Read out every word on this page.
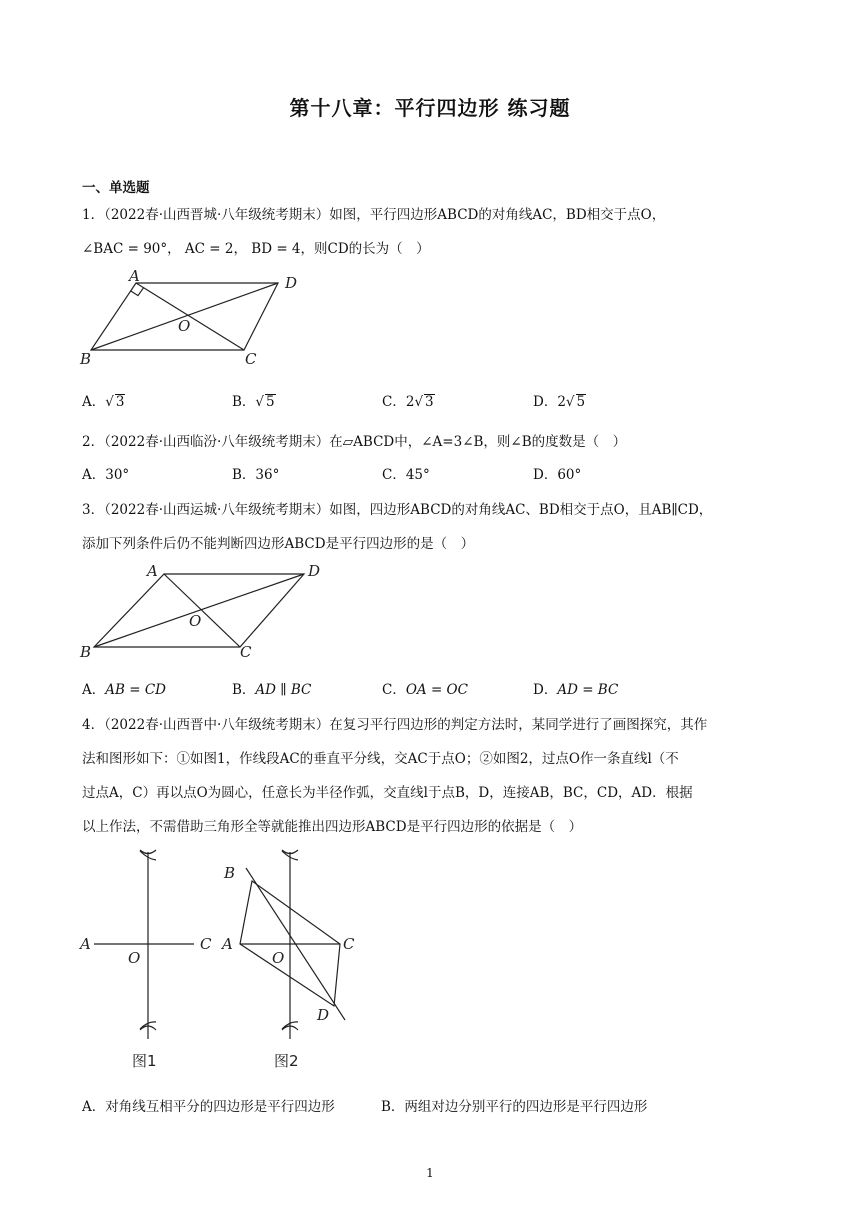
第十八章：平行四边形 练习题
一、单选题
1．（2022春·山西晋城·八年级统考期末）如图，平行四边形ABCD的对角线AC，BD相交于点O，
∠BAC = 90°， AC = 2， BD = 4，则CD的长为（　）
A	D
B	C
O
A．√ 3	B．√ 5	C．2√ 3	D．2√ 5
2．（2022春·山西临汾·八年级统考期末）在▱ABCD中，∠A=3∠B，则∠B的度数是（　）
A．30°	B．36°	C．45°	D．60°
3．（2022春·山西运城·八年级统考期末）如图，四边形ABCD的对角线AC、BD相交于点O，且AB∥CD，
添加下列条件后仍不能判断四边形ABCD是平行四边形的是（　）
A	D
B	C
O
A．AB = CD	B．AD ∥ BC	C．OA = OC	D．AD = BC
4．（2022春·山西晋中·八年级统考期末）在复习平行四边形的判定方法时，某同学进行了画图探究，其作
法和图形如下：①如图1，作线段AC的垂直平分线，交AC于点O；②如图2，过点O作一条直线l（不
过点A，C）再以点O为圆心，任意长为半径作弧，交直线l于点B，D，连接AB，BC，CD，AD．根据
以上作法，不需借助三角形全等就能推出四边形ABCD是平行四边形的依据是（　）
A	C
O
图1
B
A	C
O
D
图2
A．对角线互相平分的四边形是平行四边形	B．两组对边分别平行的四边形是平行四边形
1
